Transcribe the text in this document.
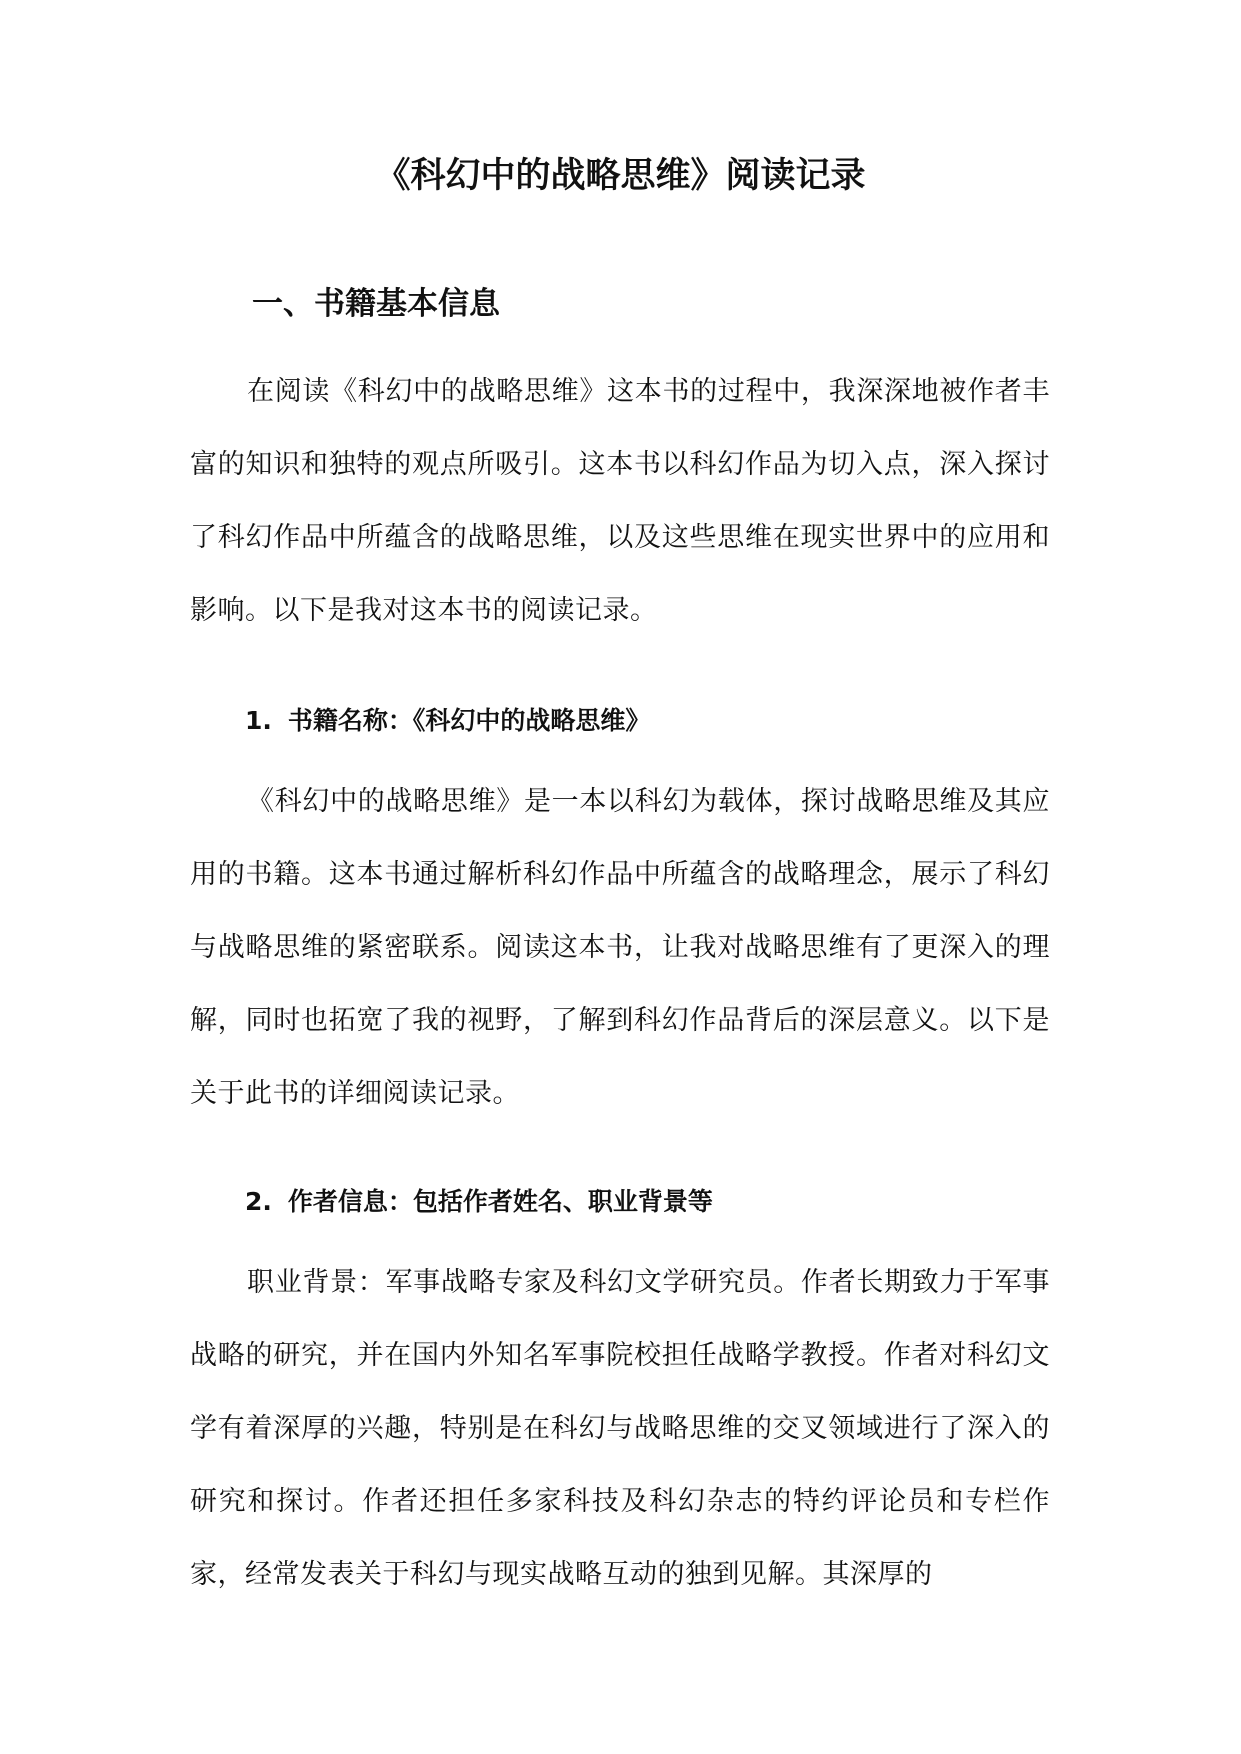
《科幻中的战略思维》阅读记录
一、书籍基本信息

在阅读《科幻中的战略思维》这本书的过程中，我深深地被作者丰富的知识和独特的观点所吸引。这本书以科幻作品为切入点，深入探讨了科幻作品中所蕴含的战略思维，以及这些思维在现实世界中的应用和影响。以下是我对这本书的阅读记录。

1. 书籍名称：《科幻中的战略思维》

《科幻中的战略思维》是一本以科幻为载体，探讨战略思维及其应用的书籍。这本书通过解析科幻作品中所蕴含的战略理念，展示了科幻与战略思维的紧密联系。阅读这本书，让我对战略思维有了更深入的理解，同时也拓宽了我的视野，了解到科幻作品背后的深层意义。以下是关于此书的详细阅读记录。

2. 作者信息：包括作者姓名、职业背景等

职业背景：军事战略专家及科幻文学研究员。作者长期致力于军事战略的研究，并在国内外知名军事院校担任战略学教授。作者对科幻文学有着深厚的兴趣，特别是在科幻与战略思维的交叉领域进行了深入的研究和探讨。作者还担任多家科技及科幻杂志的特约评论员和专栏作家，经常发表关于科幻与现实战略互动的独到见解。其深厚的
